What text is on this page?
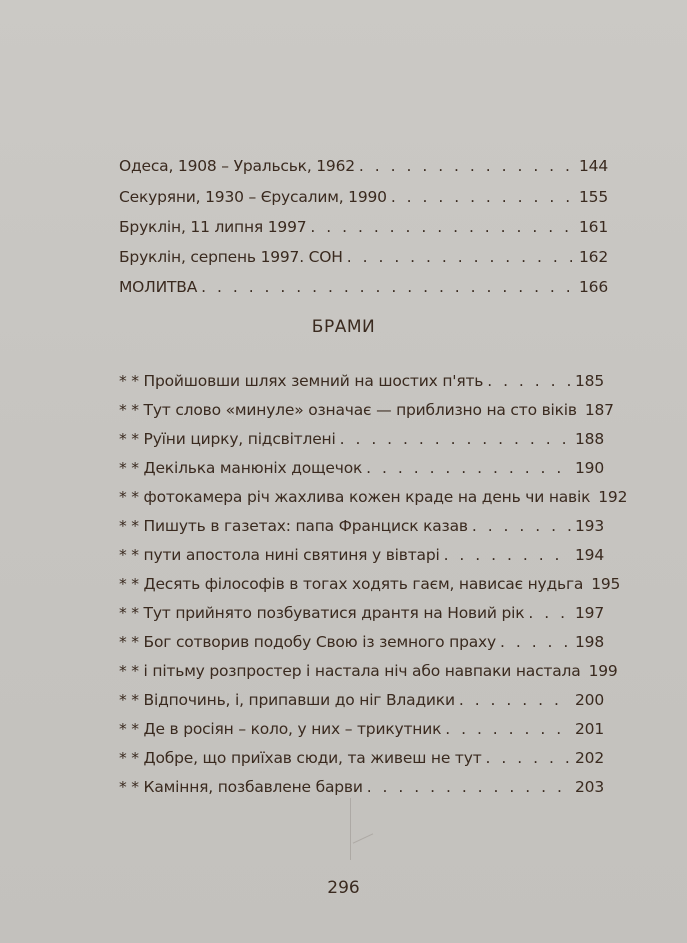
Одеса, 1908 – Уральськ, 1962 . . .	144
Секуряни, 1930 – Єрусалим, 1990 . . .	155
Бруклін, 11 липня 1997 . . .	161
Бруклін, серпень 1997. СОН . . .	162
МОЛИТВА . . .	166
БРАМИ
* * Пройшовши шлях земний на шостих п'ять . . .	185
* * Тут слово «минуле» означає — приблизно на сто віків 187
* * Руїни цирку, підсвітлені . . .	188
* * Декілька манюніх дощечок . . .	190
* * фотокамера річ жахлива кожен краде на день чи навік 192
* * Пишуть в газетах: папа Франциск казав . . .	193
* * пути апостола нині святиня у вівтарі . . .	194
* * Десять філософів в тогах ходять гаєм, нависає нудьга 195
* * Тут прийнято позбуватися дрантя на Новий рік . . .	197
* * Бог сотворив подобу Свою із земного праху . . .	198
* * і пітьму розпростер і настала ніч або навпаки настала 199
* * Відпочинь, і, припавши до ніг Владики . . .	200
* * Де в росіян – коло, у них – трикутник . . .	201
* * Добре, що приїхав сюди, та живеш не тут . . .	202
* * Каміння, позбавлене барви . . .	203
296
